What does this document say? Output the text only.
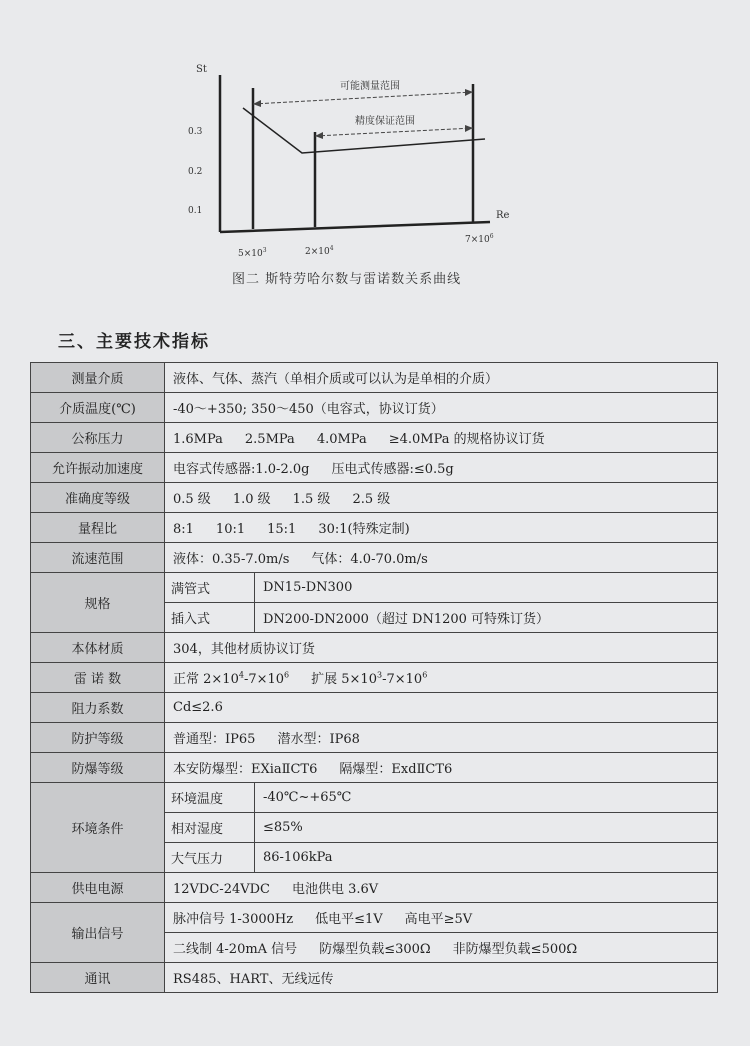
St
Re
0.3
0.2
0.1
可能测量范围
精度保证范围
$5\times 10^3$	$2\times 10^4$
$7\times 10^6$
图二 斯特劳哈尔数与雷诺数关系曲线
三、主要技术指标
测量介质	液体、气体、蒸汽（单相介质或可以认为是单相的介质）	
介质温度(℃)	-40～+350; 350～450（电容式，协议订货）	
公称压力	1.6MPa 2.5MPa 4.0MPa ≥4.0MPa 的规格协议订货	
允许振动加速度	电容式传感器:1.0-2.0g 压电式传感器:≤0.5g	
准确度等级	0.5 级 1.0 级 1.5 级 2.5 级	
量程比	8:1 10:1 15:1 30:1(特殊定制)	
流速范围	液体：0.35-7.0m/s 气体：4.0-70.0m/s	
规格	满管式	DN15-DN300
	插入式	DN200-DN2000（超过 DN1200 可特殊订货）
本体材质	304，其他材质协议订货	
雷 诺 数	正常 $2\times 10^4-7\times 10^6$ 扩展 $5\times 10^3-7\times 10^6$
阻力系数	Cd≤2.6	
防护等级	普通型：IP65 潜水型：IP68	
防爆等级	本安防爆型：EXiaⅡCT6 隔爆型：ExdⅡCT6	
环境条件	环境温度	-40℃~+65℃
	相对湿度	≤85%
	大气压力	86-106kPa
供电电源	12VDC-24VDC 电池供电 3.6V	
输出信号	脉冲信号 1-3000Hz 低电平≤1V 高电平≥5V	
	二线制 4-20mA 信号 防爆型负载≤300Ω 非防爆型负载≤500Ω	
通讯	RS485、HART、无线远传	
